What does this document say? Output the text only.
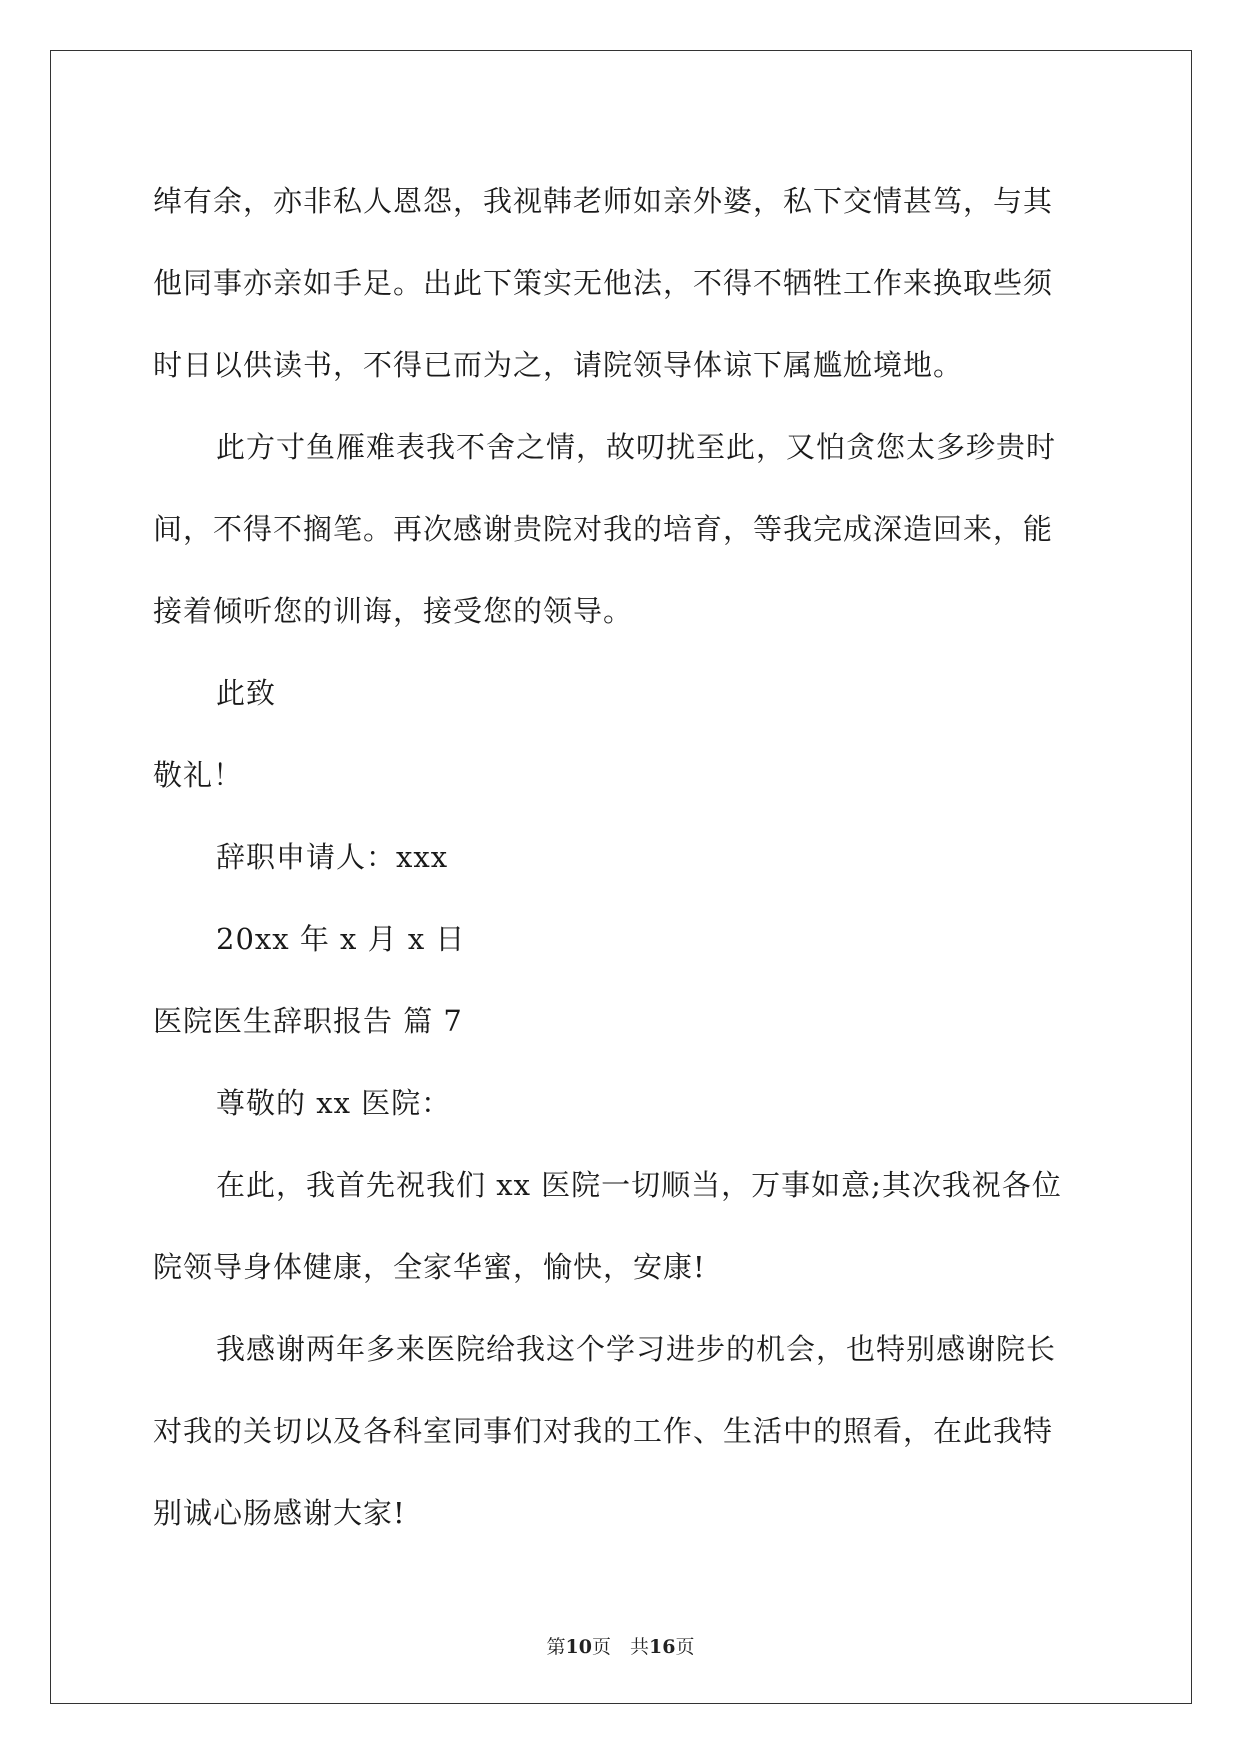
绰有余，亦非私人恩怨，我视韩老师如亲外婆，私下交情甚笃，与其
他同事亦亲如手足。出此下策实无他法，不得不牺牲工作来换取些须
时日以供读书，不得已而为之，请院领导体谅下属尴尬境地。
此方寸鱼雁难表我不舍之情，故叨扰至此，又怕贪您太多珍贵时
间，不得不搁笔。再次感谢贵院对我的培育，等我完成深造回来，能
接着倾听您的训诲，接受您的领导。
此致
敬礼！
辞职申请人：xxx
20xx 年 x 月 x 日
医院医生辞职报告 篇 7
尊敬的 xx 医院：
在此，我首先祝我们 xx 医院一切顺当，万事如意;其次我祝各位
院领导身体健康，全家华蜜，愉快，安康!
我感谢两年多来医院给我这个学习进步的机会，也特别感谢院长
对我的关切以及各科室同事们对我的工作、生活中的照看，在此我特
别诚心肠感谢大家!
第10页　共16页
